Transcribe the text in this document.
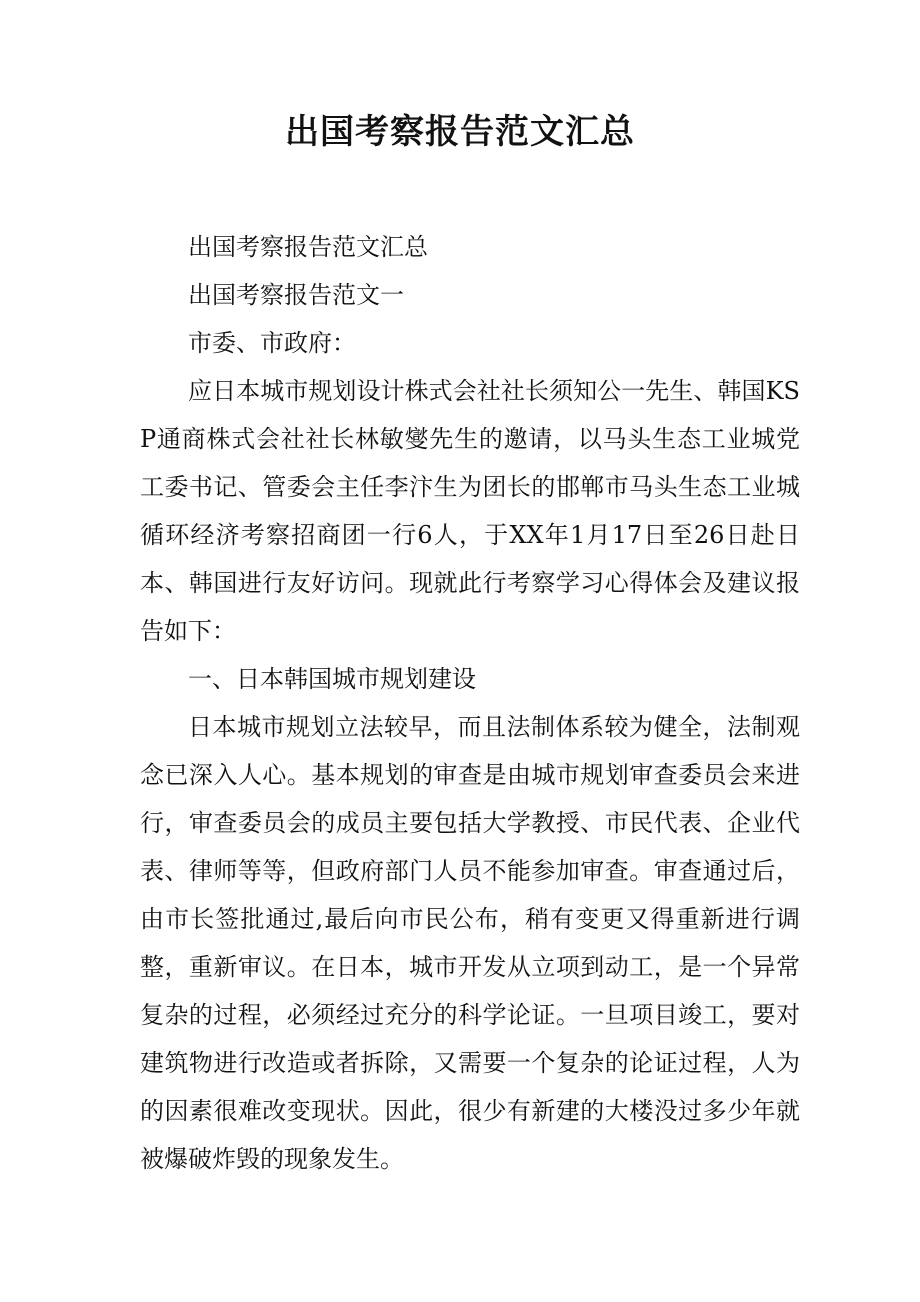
出国考察报告范文汇总

出国考察报告范文汇总

出国考察报告范文一

市委、市政府：

应日本城市规划设计株式会社社长须知公一先生、韩国KSP通商株式会社社长林敏燮先生的邀请，以马头生态工业城党工委书记、管委会主任李汴生为团长的邯郸市马头生态工业城循环经济考察招商团一行6人，于XX年1月17日至26日赴日本、韩国进行友好访问。现就此行考察学习心得体会及建议报告如下：

一、日本韩国城市规划建设

日本城市规划立法较早，而且法制体系较为健全，法制观念已深入人心。基本规划的审查是由城市规划审查委员会来进行，审查委员会的成员主要包括大学教授、市民代表、企业代表、律师等等，但政府部门人员不能参加审查。审查通过后，由市长签批通过,最后向市民公布，稍有变更又得重新进行调整，重新审议。在日本，城市开发从立项到动工，是一个异常复杂的过程，必须经过充分的科学论证。一旦项目竣工，要对建筑物进行改造或者拆除，又需要一个复杂的论证过程，人为的因素很难改变现状。因此，很少有新建的大楼没过多少年就被爆破炸毁的现象发生。
